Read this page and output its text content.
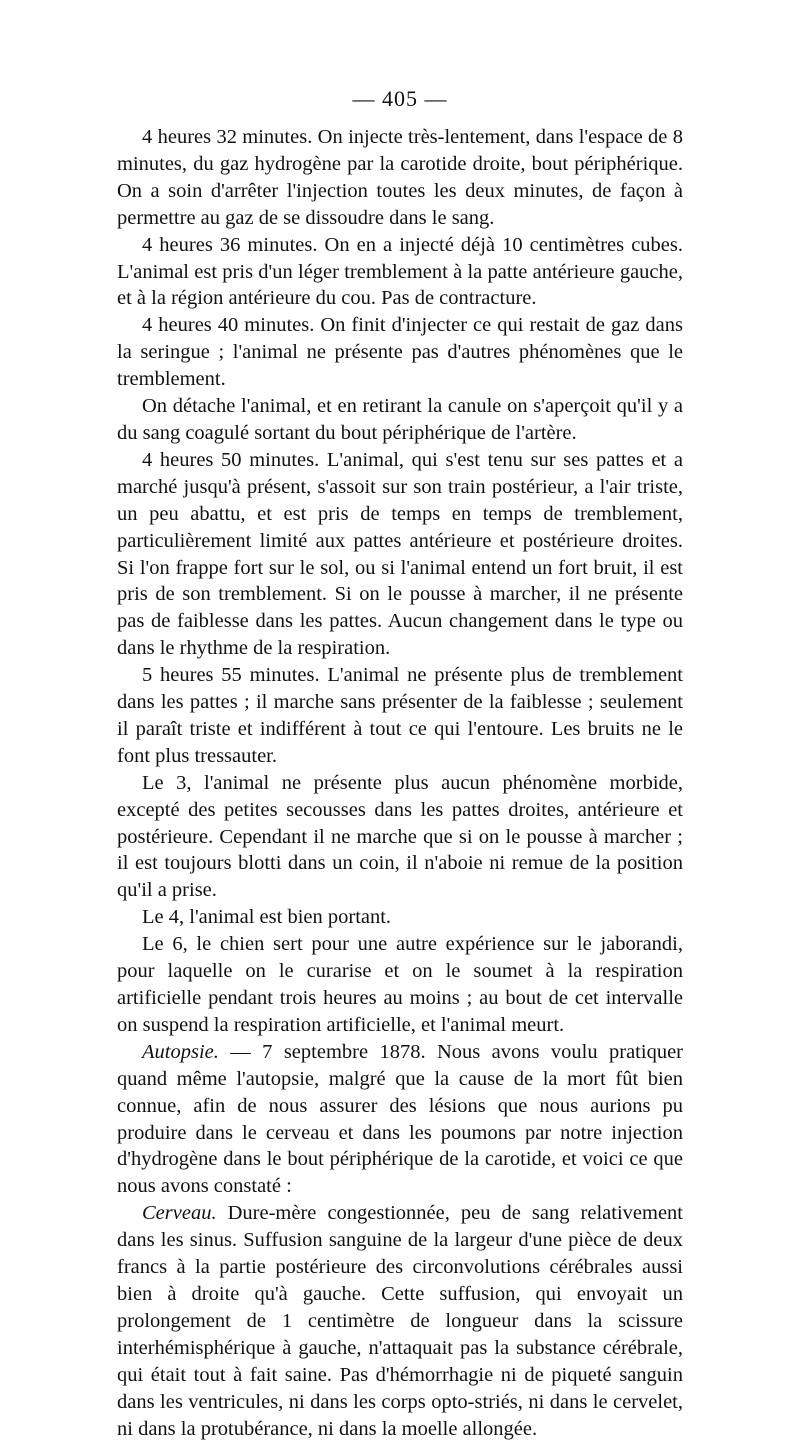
— 405 —

4 heures 32 minutes. On injecte très-lentement, dans l'espace de 8 minutes, du gaz hydrogène par la carotide droite, bout périphérique. On a soin d'arrêter l'injection toutes les deux minutes, de façon à permettre au gaz de se dissoudre dans le sang.

4 heures 36 minutes. On en a injecté déjà 10 centimètres cubes. L'animal est pris d'un léger tremblement à la patte antérieure gauche, et à la région antérieure du cou. Pas de contracture.

4 heures 40 minutes. On finit d'injecter ce qui restait de gaz dans la seringue ; l'animal ne présente pas d'autres phénomènes que le tremblement.

On détache l'animal, et en retirant la canule on s'aperçoit qu'il y a du sang coagulé sortant du bout périphérique de l'artère.

4 heures 50 minutes. L'animal, qui s'est tenu sur ses pattes et a marché jusqu'à présent, s'assoit sur son train postérieur, a l'air triste, un peu abattu, et est pris de temps en temps de tremblement, particulièrement limité aux pattes antérieure et postérieure droites. Si l'on frappe fort sur le sol, ou si l'animal entend un fort bruit, il est pris de son tremblement. Si on le pousse à marcher, il ne présente pas de faiblesse dans les pattes. Aucun changement dans le type ou dans le rhythme de la respiration.

5 heures 55 minutes. L'animal ne présente plus de tremblement dans les pattes ; il marche sans présenter de la faiblesse ; seulement il paraît triste et indifférent à tout ce qui l'entoure. Les bruits ne le font plus tressauter.

Le 3, l'animal ne présente plus aucun phénomène morbide, excepté des petites secousses dans les pattes droites, antérieure et postérieure. Cependant il ne marche que si on le pousse à marcher ; il est toujours blotti dans un coin, il n'aboie ni remue de la position qu'il a prise.

Le 4, l'animal est bien portant.

Le 6, le chien sert pour une autre expérience sur le jaborandi, pour laquelle on le curarise et on le soumet à la respiration artificielle pendant trois heures au moins ; au bout de cet intervalle on suspend la respiration artificielle, et l'animal meurt.

Autopsie. — 7 septembre 1878. Nous avons voulu pratiquer quand même l'autopsie, malgré que la cause de la mort fût bien connue, afin de nous assurer des lésions que nous aurions pu produire dans le cerveau et dans les poumons par notre injection d'hydrogène dans le bout périphérique de la carotide, et voici ce que nous avons constaté :

Cerveau. Dure-mère congestionnée, peu de sang relativement dans les sinus. Suffusion sanguine de la largeur d'une pièce de deux francs à la partie postérieure des circonvolutions cérébrales aussi bien à droite qu'à gauche. Cette suffusion, qui envoyait un prolongement de 1 centimètre de longueur dans la scissure interhémisphérique à gauche, n'attaquait pas la substance cérébrale, qui était tout à fait saine. Pas d'hémorrhagie ni de piqueté sanguin dans les ventricules, ni dans les corps opto-striés, ni dans le cervelet, ni dans la protubérance, ni dans la moelle allongée.
